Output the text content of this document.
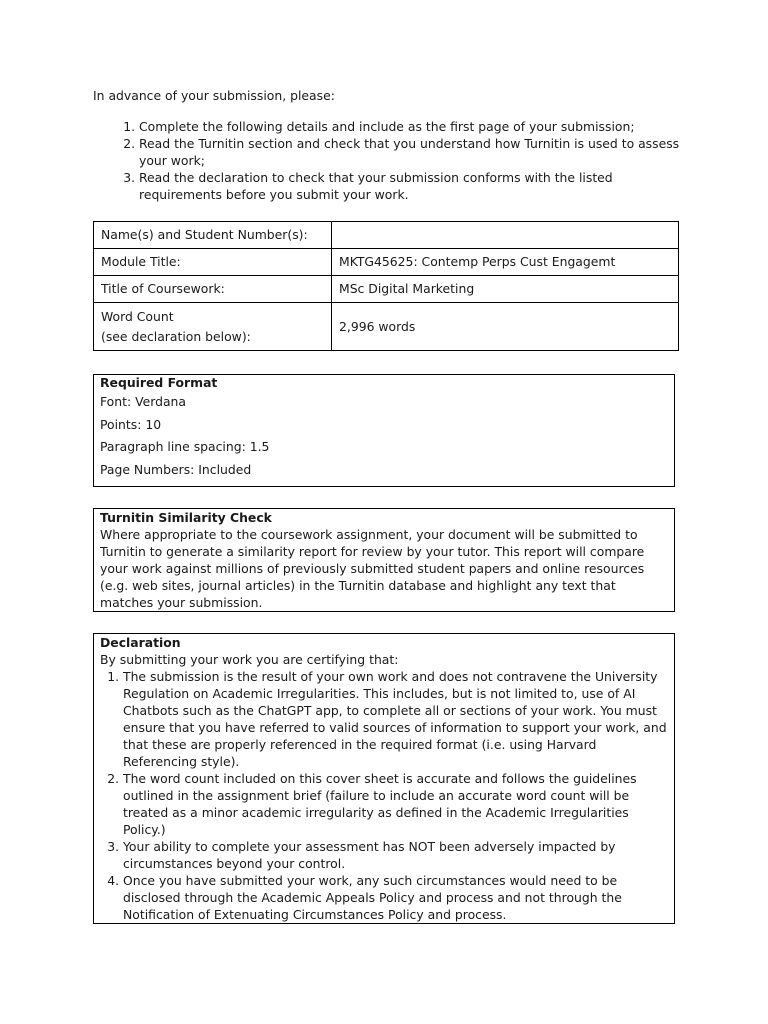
In advance of your submission, please:

1. Complete the following details and include as the first page of your submission;
2. Read the Turnitin section and check that you understand how Turnitin is used to assess your work;
3. Read the declaration to check that your submission conforms with the listed requirements before you submit your work.
Name(s) and Student Number(s):	
Module Title:	MKTG45625: Contemp Perps Cust Engagemt
Title of Coursework:	MSc Digital Marketing

Word Count
(see declaration below):	2,996 words
Required Format
Font: Verdana
Points: 10
Paragraph line spacing: 1.5
Page Numbers: Included
Turnitin Similarity Check
Where appropriate to the coursework assignment, your document will be submitted to Turnitin to generate a similarity report for review by your tutor. This report will compare your work against millions of previously submitted student papers and online resources (e.g. web sites, journal articles) in the Turnitin database and highlight any text that matches your submission.
Declaration
By submitting your work you are certifying that:
1. The submission is the result of your own work and does not contravene the University Regulation on Academic Irregularities. This includes, but is not limited to, use of AI Chatbots such as the ChatGPT app, to complete all or sections of your work. You must ensure that you have referred to valid sources of information to support your work, and that these are properly referenced in the required format (i.e. using Harvard Referencing style).
2. The word count included on this cover sheet is accurate and follows the guidelines outlined in the assignment brief (failure to include an accurate word count will be treated as a minor academic irregularity as defined in the Academic Irregularities Policy.)
3. Your ability to complete your assessment has NOT been adversely impacted by circumstances beyond your control.
4. Once you have submitted your work, any such circumstances would need to be disclosed through the Academic Appeals Policy and process and not through the Notification of Extenuating Circumstances Policy and process.
